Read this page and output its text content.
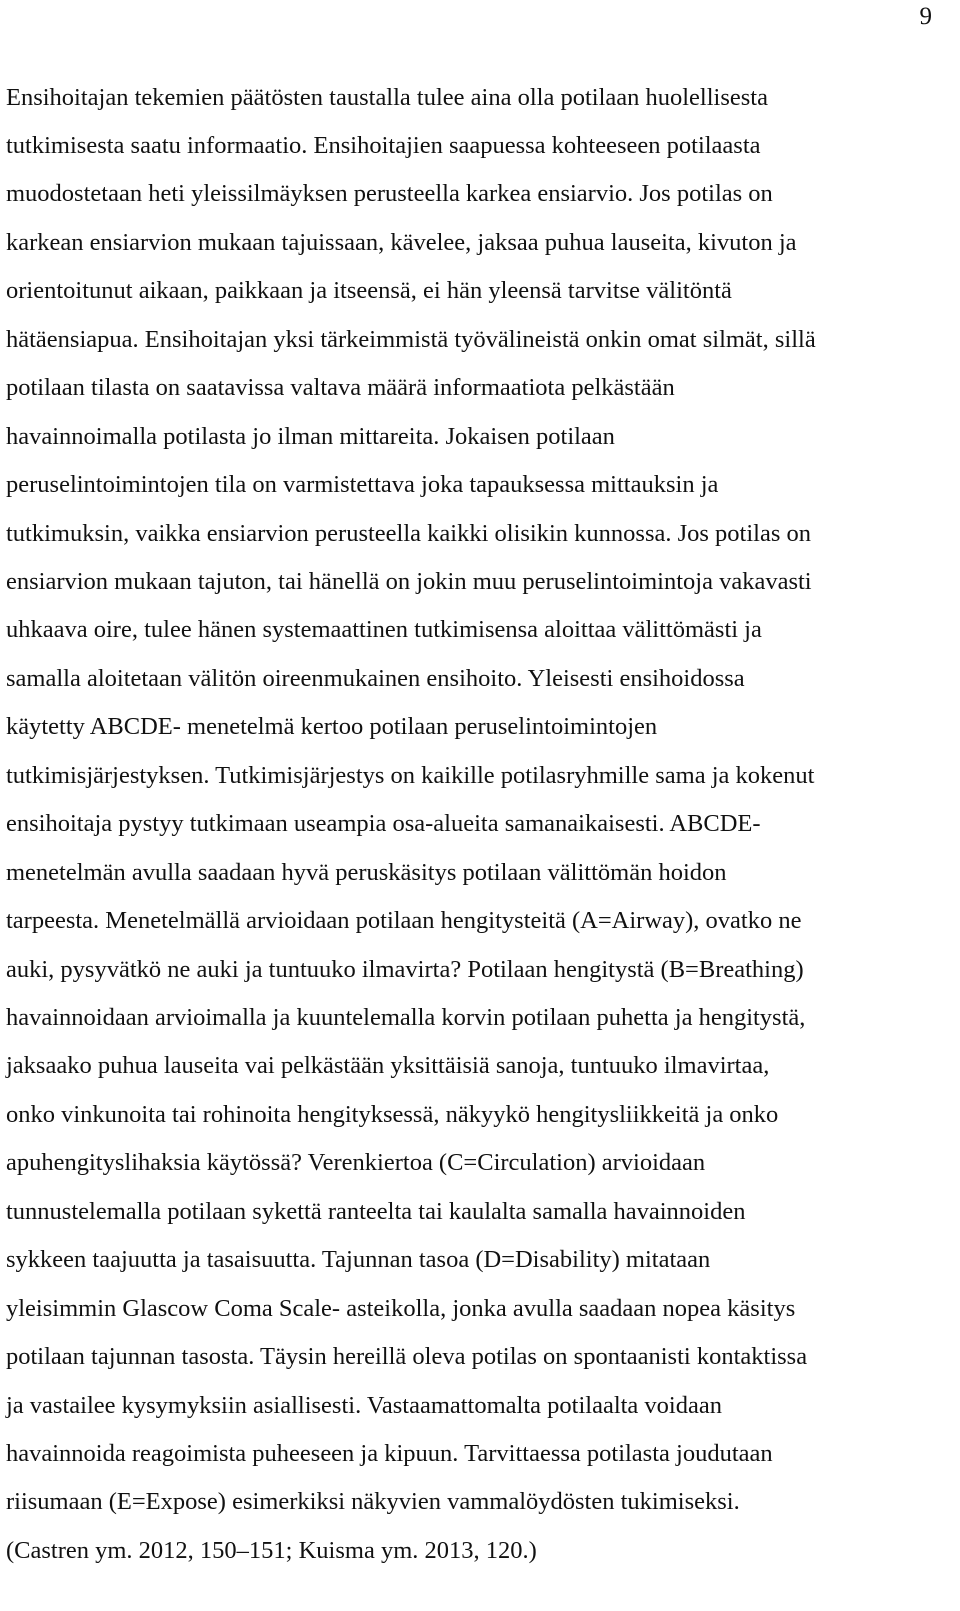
9
Ensihoitajan tekemien päätösten taustalla tulee aina olla potilaan huolellisesta
tutkimisesta saatu informaatio. Ensihoitajien saapuessa kohteeseen potilaasta
muodostetaan heti yleissilmäyksen perusteella karkea ensiarvio. Jos potilas on
karkean ensiarvion mukaan tajuissaan, kävelee, jaksaa puhua lauseita, kivuton ja
orientoitunut aikaan, paikkaan ja itseensä, ei hän yleensä tarvitse välitöntä
hätäensiapua. Ensihoitajan yksi tärkeimmistä työvälineistä onkin omat silmät, sillä
potilaan tilasta on saatavissa valtava määrä informaatiota pelkästään
havainnoimalla potilasta jo ilman mittareita. Jokaisen potilaan
peruselintoimintojen tila on varmistettava joka tapauksessa mittauksin ja
tutkimuksin, vaikka ensiarvion perusteella kaikki olisikin kunnossa. Jos potilas on
ensiarvion mukaan tajuton, tai hänellä on jokin muu peruselintoimintoja vakavasti
uhkaava oire, tulee hänen systemaattinen tutkimisensa aloittaa välittömästi ja
samalla aloitetaan välitön oireenmukainen ensihoito. Yleisesti ensihoidossa
käytetty ABCDE- menetelmä kertoo potilaan peruselintoimintojen
tutkimisjärjestyksen. Tutkimisjärjestys on kaikille potilasryhmille sama ja kokenut
ensihoitaja pystyy tutkimaan useampia osa-alueita samanaikaisesti. ABCDE-
menetelmän avulla saadaan hyvä peruskäsitys potilaan välittömän hoidon
tarpeesta. Menetelmällä arvioidaan potilaan hengitysteitä (A=Airway), ovatko ne
auki, pysyvätkö ne auki ja tuntuuko ilmavirta? Potilaan hengitystä (B=Breathing)
havainnoidaan arvioimalla ja kuuntelemalla korvin potilaan puhetta ja hengitystä,
jaksaako puhua lauseita vai pelkästään yksittäisiä sanoja, tuntuuko ilmavirtaa,
onko vinkunoita tai rohinoita hengityksessä, näkyykö hengitysliikkeitä ja onko
apuhengityslihaksia käytössä? Verenkiertoa (C=Circulation) arvioidaan
tunnustelemalla potilaan sykettä ranteelta tai kaulalta samalla havainnoiden
sykkeen taajuutta ja tasaisuutta. Tajunnan tasoa (D=Disability) mitataan
yleisimmin Glascow Coma Scale- asteikolla, jonka avulla saadaan nopea käsitys
potilaan tajunnan tasosta. Täysin hereillä oleva potilas on spontaanisti kontaktissa
ja vastailee kysymyksiin asiallisesti. Vastaamattomalta potilaalta voidaan
havainnoida reagoimista puheeseen ja kipuun. Tarvittaessa potilasta joudutaan
riisumaan (E=Expose) esimerkiksi näkyvien vammalöydösten tukimiseksi.
(Castren ym. 2012, 150–151; Kuisma ym. 2013, 120.)
